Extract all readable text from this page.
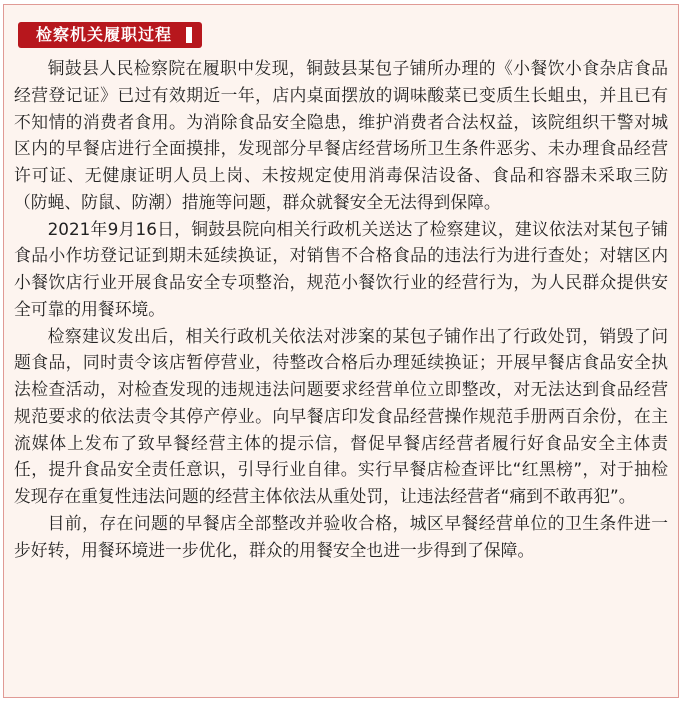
检察机关履职过程

铜鼓县人民检察院在履职中发现，铜鼓县某包子铺所办理的《小餐饮小食杂店食品经营登记证》已过有效期近一年，店内桌面摆放的调味酸菜已变质生长蛆虫，并且已有不知情的消费者食用。为消除食品安全隐患，维护消费者合法权益，该院组织干警对城区内的早餐店进行全面摸排，发现部分早餐店经营场所卫生条件恶劣、未办理食品经营许可证、无健康证明人员上岗、未按规定使用消毒保洁设备、食品和容器未采取三防（防蝇、防鼠、防潮）措施等问题，群众就餐安全无法得到保障。

2021年9月16日，铜鼓县院向相关行政机关送达了检察建议，建议依法对某包子铺食品小作坊登记证到期未延续换证，对销售不合格食品的违法行为进行查处；对辖区内小餐饮店行业开展食品安全专项整治，规范小餐饮行业的经营行为，为人民群众提供安全可靠的用餐环境。

检察建议发出后，相关行政机关依法对涉案的某包子铺作出了行政处罚，销毁了问题食品，同时责令该店暂停营业，待整改合格后办理延续换证；开展早餐店食品安全执法检查活动，对检查发现的违规违法问题要求经营单位立即整改，对无法达到食品经营规范要求的依法责令其停产停业。向早餐店印发食品经营操作规范手册两百余份，在主流媒体上发布了致早餐经营主体的提示信，督促早餐店经营者履行好食品安全主体责任，提升食品安全责任意识，引导行业自律。实行早餐店检查评比“红黑榜”，对于抽检发现存在重复性违法问题的经营主体依法从重处罚，让违法经营者“痛到不敢再犯”。

目前，存在问题的早餐店全部整改并验收合格，城区早餐经营单位的卫生条件进一步好转，用餐环境进一步优化，群众的用餐安全也进一步得到了保障。
